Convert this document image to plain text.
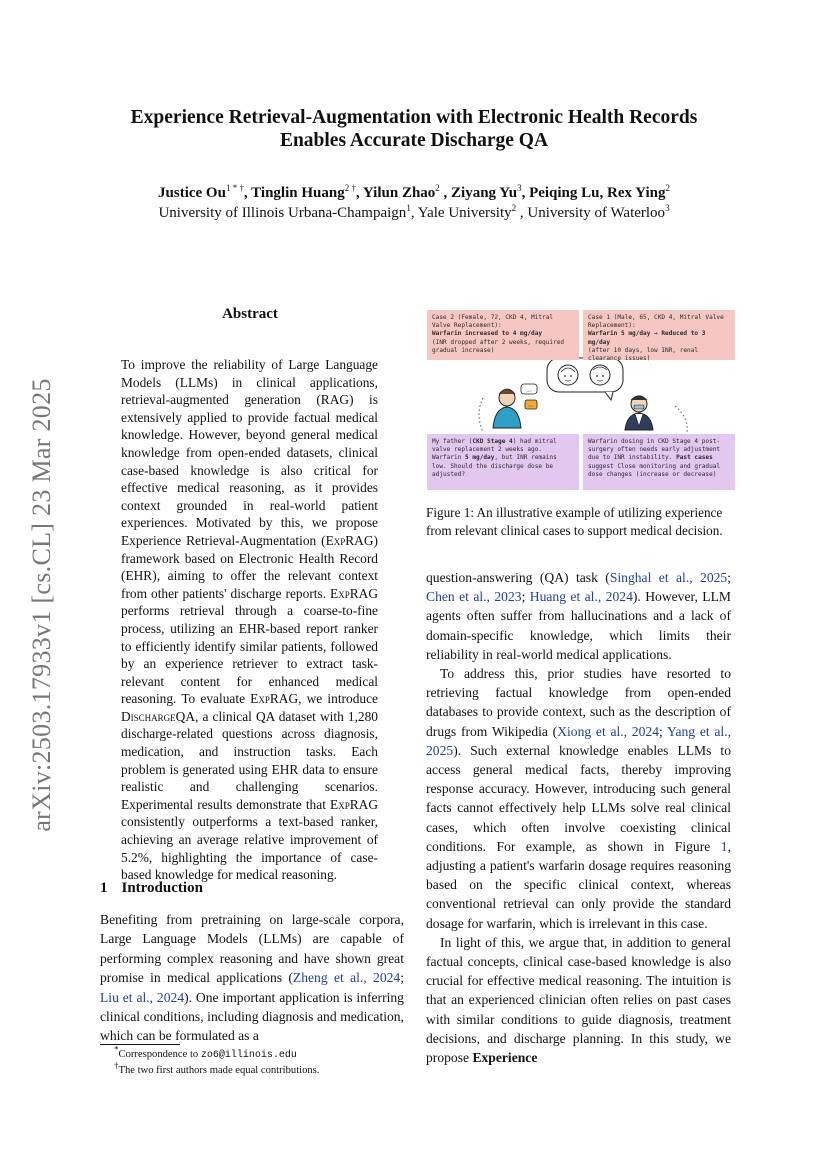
arXiv:2503.17933v1 [cs.CL] 23 Mar 2025
Experience Retrieval-Augmentation with Electronic Health Records
Enables Accurate Discharge QA
Justice $Ou^{1 * \dagger}$, Tinglin Huang$^{2 \dagger}$, Yilun Zhao$^2$ , Ziyang Yu$^3$, Peiqing Lu, Rex Ying$^2$
University of Illinois Urbana-Champaign$^1$, Yale University$^2$ , University of Waterloo$^3$
Abstract
To improve the reliability of Large Language Models (LLMs) in clinical applications, retrieval-augmented generation (RAG) is extensively applied to provide factual medical knowledge. However, beyond general medical knowledge from open-ended datasets, clinical case-based knowledge is also critical for effective medical reasoning, as it provides context grounded in real-world patient experiences. Motivated by this, we propose Experience Retrieval-Augmentation (ExpRAG) framework based on Electronic Health Record (EHR), aiming to offer the relevant context from other patients' discharge reports. ExpRAG performs retrieval through a coarse-to-fine process, utilizing an EHR-based report ranker to efficiently identify similar patients, followed by an experience retriever to extract task-relevant content for enhanced medical reasoning. To evaluate ExpRAG, we introduce DischargeQA, a clinical QA dataset with 1,280 discharge-related questions across diagnosis, medication, and instruction tasks. Each problem is generated using EHR data to ensure realistic and challenging scenarios. Experimental results demonstrate that ExpRAG consistently outperforms a text-based ranker, achieving an average relative improvement of 5.2%, highlighting the importance of case-based knowledge for medical reasoning.
1 Introduction
Benefiting from pretraining on large-scale corpora, Large Language Models (LLMs) are capable of performing complex reasoning and have shown great promise in medical applications (Zheng et al., 2024; Liu et al., 2024). One important application is inferring clinical conditions, including diagnosis and medication, which can be formulated as a
*Correspondence to zo6@illinois.edu
†The two first authors made equal contributions.
...
...
Case 2 (Female, 72, CKD 4, Mitral Valve Replacement):
Warfarin increased to 4 mg/day
(INR dropped after 2 weeks, required gradual increase)
Case 1 (Male, 65, CKD 4, Mitral Valve Replacement):
Warfarin 5 mg/day → Reduced to 3 mg/day
(after 10 days, low INR, renal clearance issues)
My father (CKD Stage 4) had mitral valve replacement 2 weeks ago. Warfarin 5 mg/day, but INR remains low. Should the discharge dose be adjusted?
Warfarin dosing in CKD Stage 4 post-surgery often needs early adjustment due to INR instability. Past cases suggest Close monitoring and gradual dose changes (increase or decrease)
Figure 1: An illustrative example of utilizing experience from relevant clinical cases to support medical decision.

question-answering (QA) task (Singhal et al., 2025; Chen et al., 2023; Huang et al., 2024). However, LLM agents often suffer from hallucinations and a lack of domain-specific knowledge, which limits their reliability in real-world medical applications.

To address this, prior studies have resorted to retrieving factual knowledge from open-ended databases to provide context, such as the description of drugs from Wikipedia (Xiong et al., 2024; Yang et al., 2025). Such external knowledge enables LLMs to access general medical facts, thereby improving response accuracy. However, introducing such general facts cannot effectively help LLMs solve real clinical cases, which often involve coexisting clinical conditions. For example, as shown in Figure 1, adjusting a patient's warfarin dosage requires reasoning based on the specific clinical context, whereas conventional retrieval can only provide the standard dosage for warfarin, which is irrelevant in this case.

In light of this, we argue that, in addition to general factual concepts, clinical case-based knowledge is also crucial for effective medical reasoning. The intuition is that an experienced clinician often relies on past cases with similar conditions to guide diagnosis, treatment decisions, and discharge planning. In this study, we propose Experience
